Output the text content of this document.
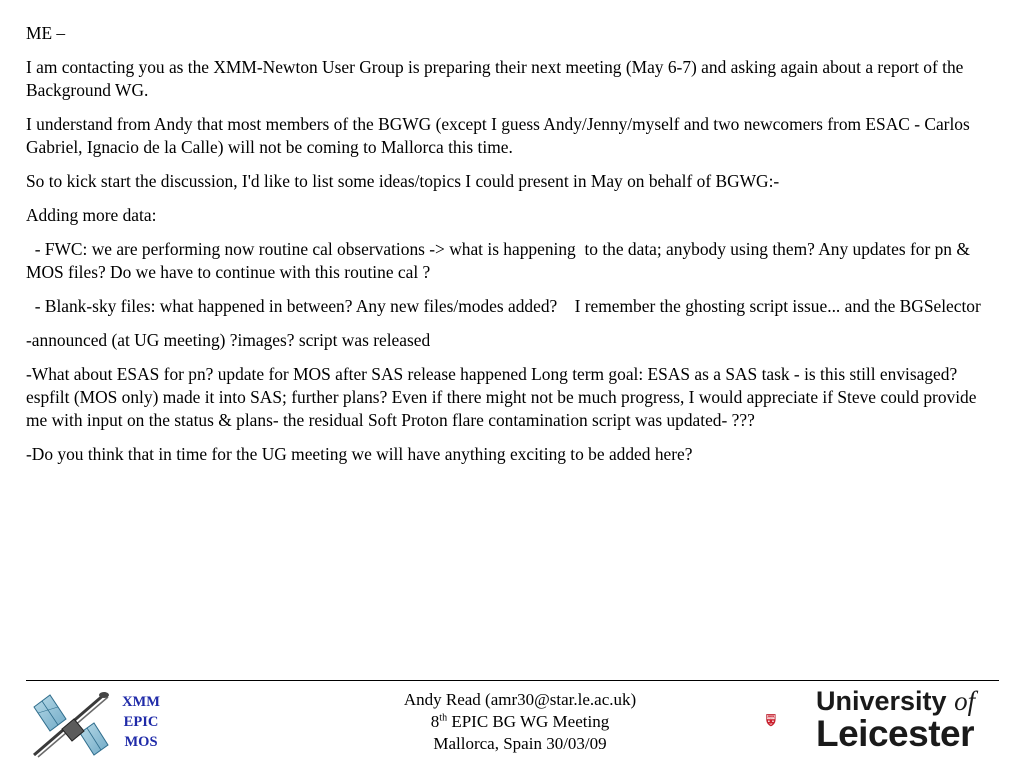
ME –

I am contacting you as the XMM-Newton User Group is preparing their next meeting (May 6-7) and asking again about a report of the Background WG.

I understand from Andy that most members of the BGWG (except I guess Andy/Jenny/myself and two newcomers from ESAC - Carlos Gabriel, Ignacio de la Calle) will not be coming to Mallorca this time.

So to kick start the discussion, I'd like to list some ideas/topics I could present in May on behalf of BGWG:-

Adding more data:

- FWC: we are performing now routine cal observations -> what is happening  to the data; anybody using them? Any updates for pn & MOS files? Do we have to continue with this routine cal ?

- Blank-sky files: what happened in between? Any new files/modes added?    I remember the ghosting script issue... and the BGSelector

-announced (at UG meeting) ?images? script was released

-What about ESAS for pn? update for MOS after SAS release happened Long term goal: ESAS as a SAS task - is this still envisaged? espfilt (MOS only) made it into SAS; further plans? Even if there might not be much progress, I would appreciate if Steve could provide me with input on the status & plans- the residual Soft Proton flare contamination script was updated- ???

-Do you think that in time for the UG meeting we will have anything exciting to be added here?

XMM
EPIC
MOS
Andy Read (amr30@star.le.ac.uk)
8th EPIC BG WG Meeting
Mallorca, Spain 30/03/09
UT VITAM
HABEANT
University of
Leicester
